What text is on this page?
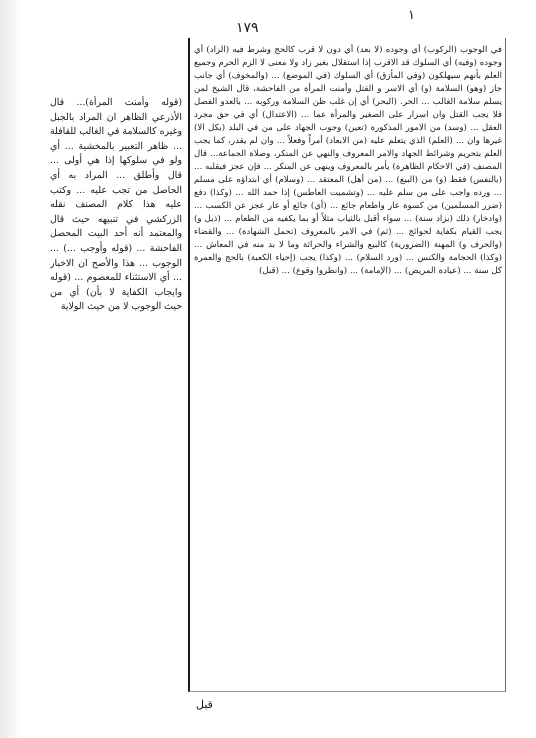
١
١٧٩

في الوجوب (الركوب) أي وجوده (لا بعد) أي دون لا قرب كالحج وشرط فيه (الزاد) أي وجوده (وفيه) أي السلوك قد الاقرب إذا استقلال بغير زاد ولا معنى لا الزم الحرم وجميع العلم بأنهم سيهلكون (وفي المأزق) أي السلوك (في الموضع) ... (والمخوف) أي جانب جاز (وهو) السلامة (و) أي الاسر و القتل وأمنت المرأة من الفاحشة، قال الشيخ لمن يسلم سلامة الغالب ... الحر. (البحر) أي إن غلب ظن السلامة وركوبه ... بالعدو الفصل فلا يجب القتل وان اسرار على الصغير والمرأة عما ... (الاعتدال) أي في حق مجرد العقل ... (وسد) من الامور المذكورة (تعين) وجوب الجهاد على من في البلد (بكل الا) غيرها وان ... (العلم) الذي يتعلم عليه (من الابعاد) أمراً وفعلاً ... وان لم يقدر، كما يجب العلم بتحريم وشرائط الجهاد والامر المعروف والنهي عن المنكر، وصلاة الجماعة... قال المصنف (في الاحكام الظاهرة) يأمر بالمعروف وينهى عن المنكر ... فإن عجز فيقلبه ... (بالنفس) فقط (و) من (البيع) ... (من أهل) المعتقد ... (وسلام) أي ابتداؤه على مسلم ... ورده واجب على من سلم عليه ... (وتشميت العاطس) إذا حمد الله ... (وكذا) دفع (ضرر المسلمين) من كسوة عار واطعام جائع ... (أي) جائع أو عار عجز عن الكسب ... (وادخار) ذلك (بزاد سنة) ... سواء أقبل بالثياب مثلاً أو بما يكفيه من الطعام ... (ذيل و) يجب القيام بكفاية لحوائج ... (ثم) في الامر بالمعروف (تحمل الشهادة) ... والقضاء (والحرف و) المهنة (الضرورية) كالبيع والشراء والحراثة وما لا بد منه في المعاش ... (وكذا) الحجامة والكنس ... (ورد السلام) ... (وكذا) يجب (إحياء الكعبة) بالحج والعمرة كل سنة ... (عيادة المريض) ... (الإمامة) ... (وانظروا وقوع) ... (قبل)

(قوله وأمنت المرأة)... قال الأذرعي الظاهر ان المراد بالجبل وغيره كالسلامة في الغالب للقافلة ... ظاهر التعبير بالمخشية ... أي ولو في سلوكها إذا هي أولى ... قال وأطلق ... المراد به أي الحاصل من تجب عليه ... وكتب عليه هذا كلام المصنف نقله الزركشي في تنبيهه حيث قال والمعتمد أنه أحد البيت المحصل الفاحشة ... (قوله وأوجب ...) ... الوجوب ... هذا والأصح ان الاخبار ... أي الاستثناء للمعصوم ... (قوله وايجاب الكفاية لا بأن) أي من حيث الوجوب لا من حيث الولاية

قبل
